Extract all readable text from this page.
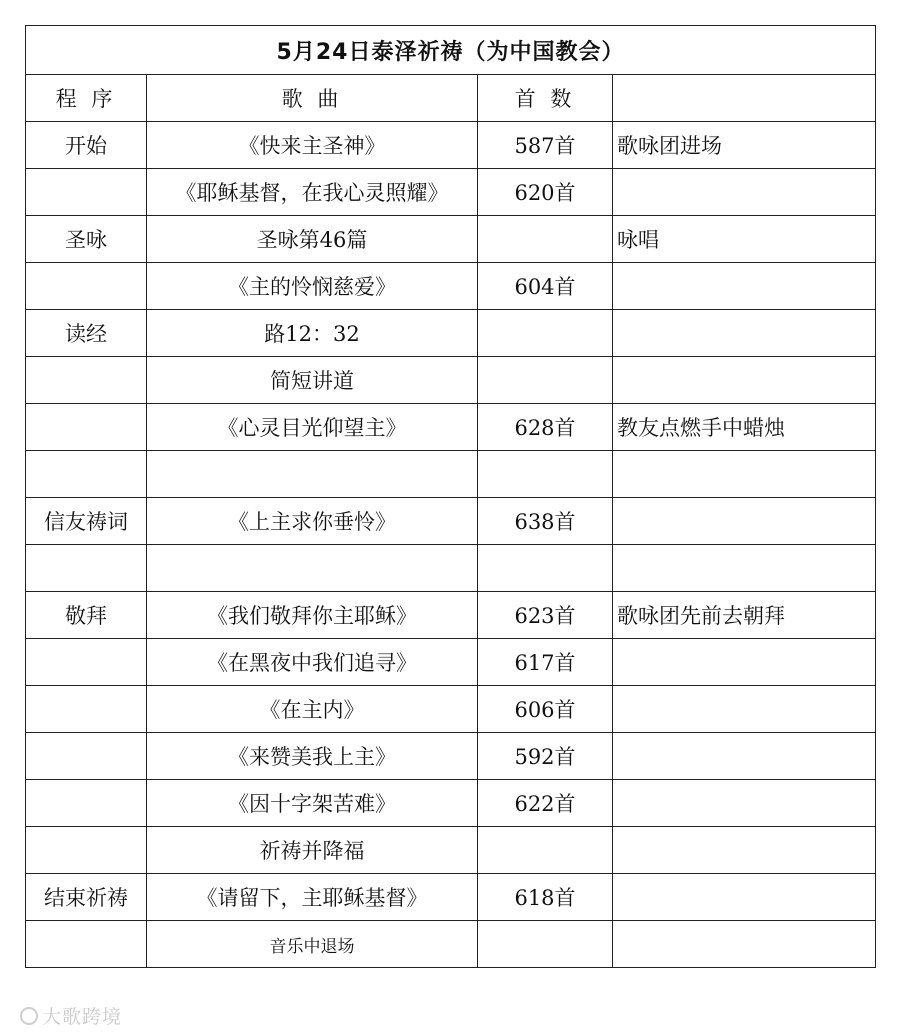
5月24日泰泽祈祷（为中国教会）			
程 序	歌 曲	首 数	
开始	《快来主圣神》	587首	歌咏团进场
	《耶稣基督，在我心灵照耀》	620首	
圣咏	圣咏第46篇		咏唱
	《主的怜悯慈爱》	604首	
读经	路12：32		
	简短讲道		
	《心灵目光仰望主》	628首	教友点燃手中蜡烛

信友祷词	《上主求你垂怜》	638首	

敬拜	《我们敬拜你主耶稣》	623首	歌咏团先前去朝拜
	《在黑夜中我们追寻》	617首	
	《在主内》	606首	
	《来赞美我上主》	592首	
	《因十字架苦难》	622首	
	祈祷并降福		
结束祈祷	《请留下，主耶稣基督》	618首	
	音乐中退场		
大歌跨境
